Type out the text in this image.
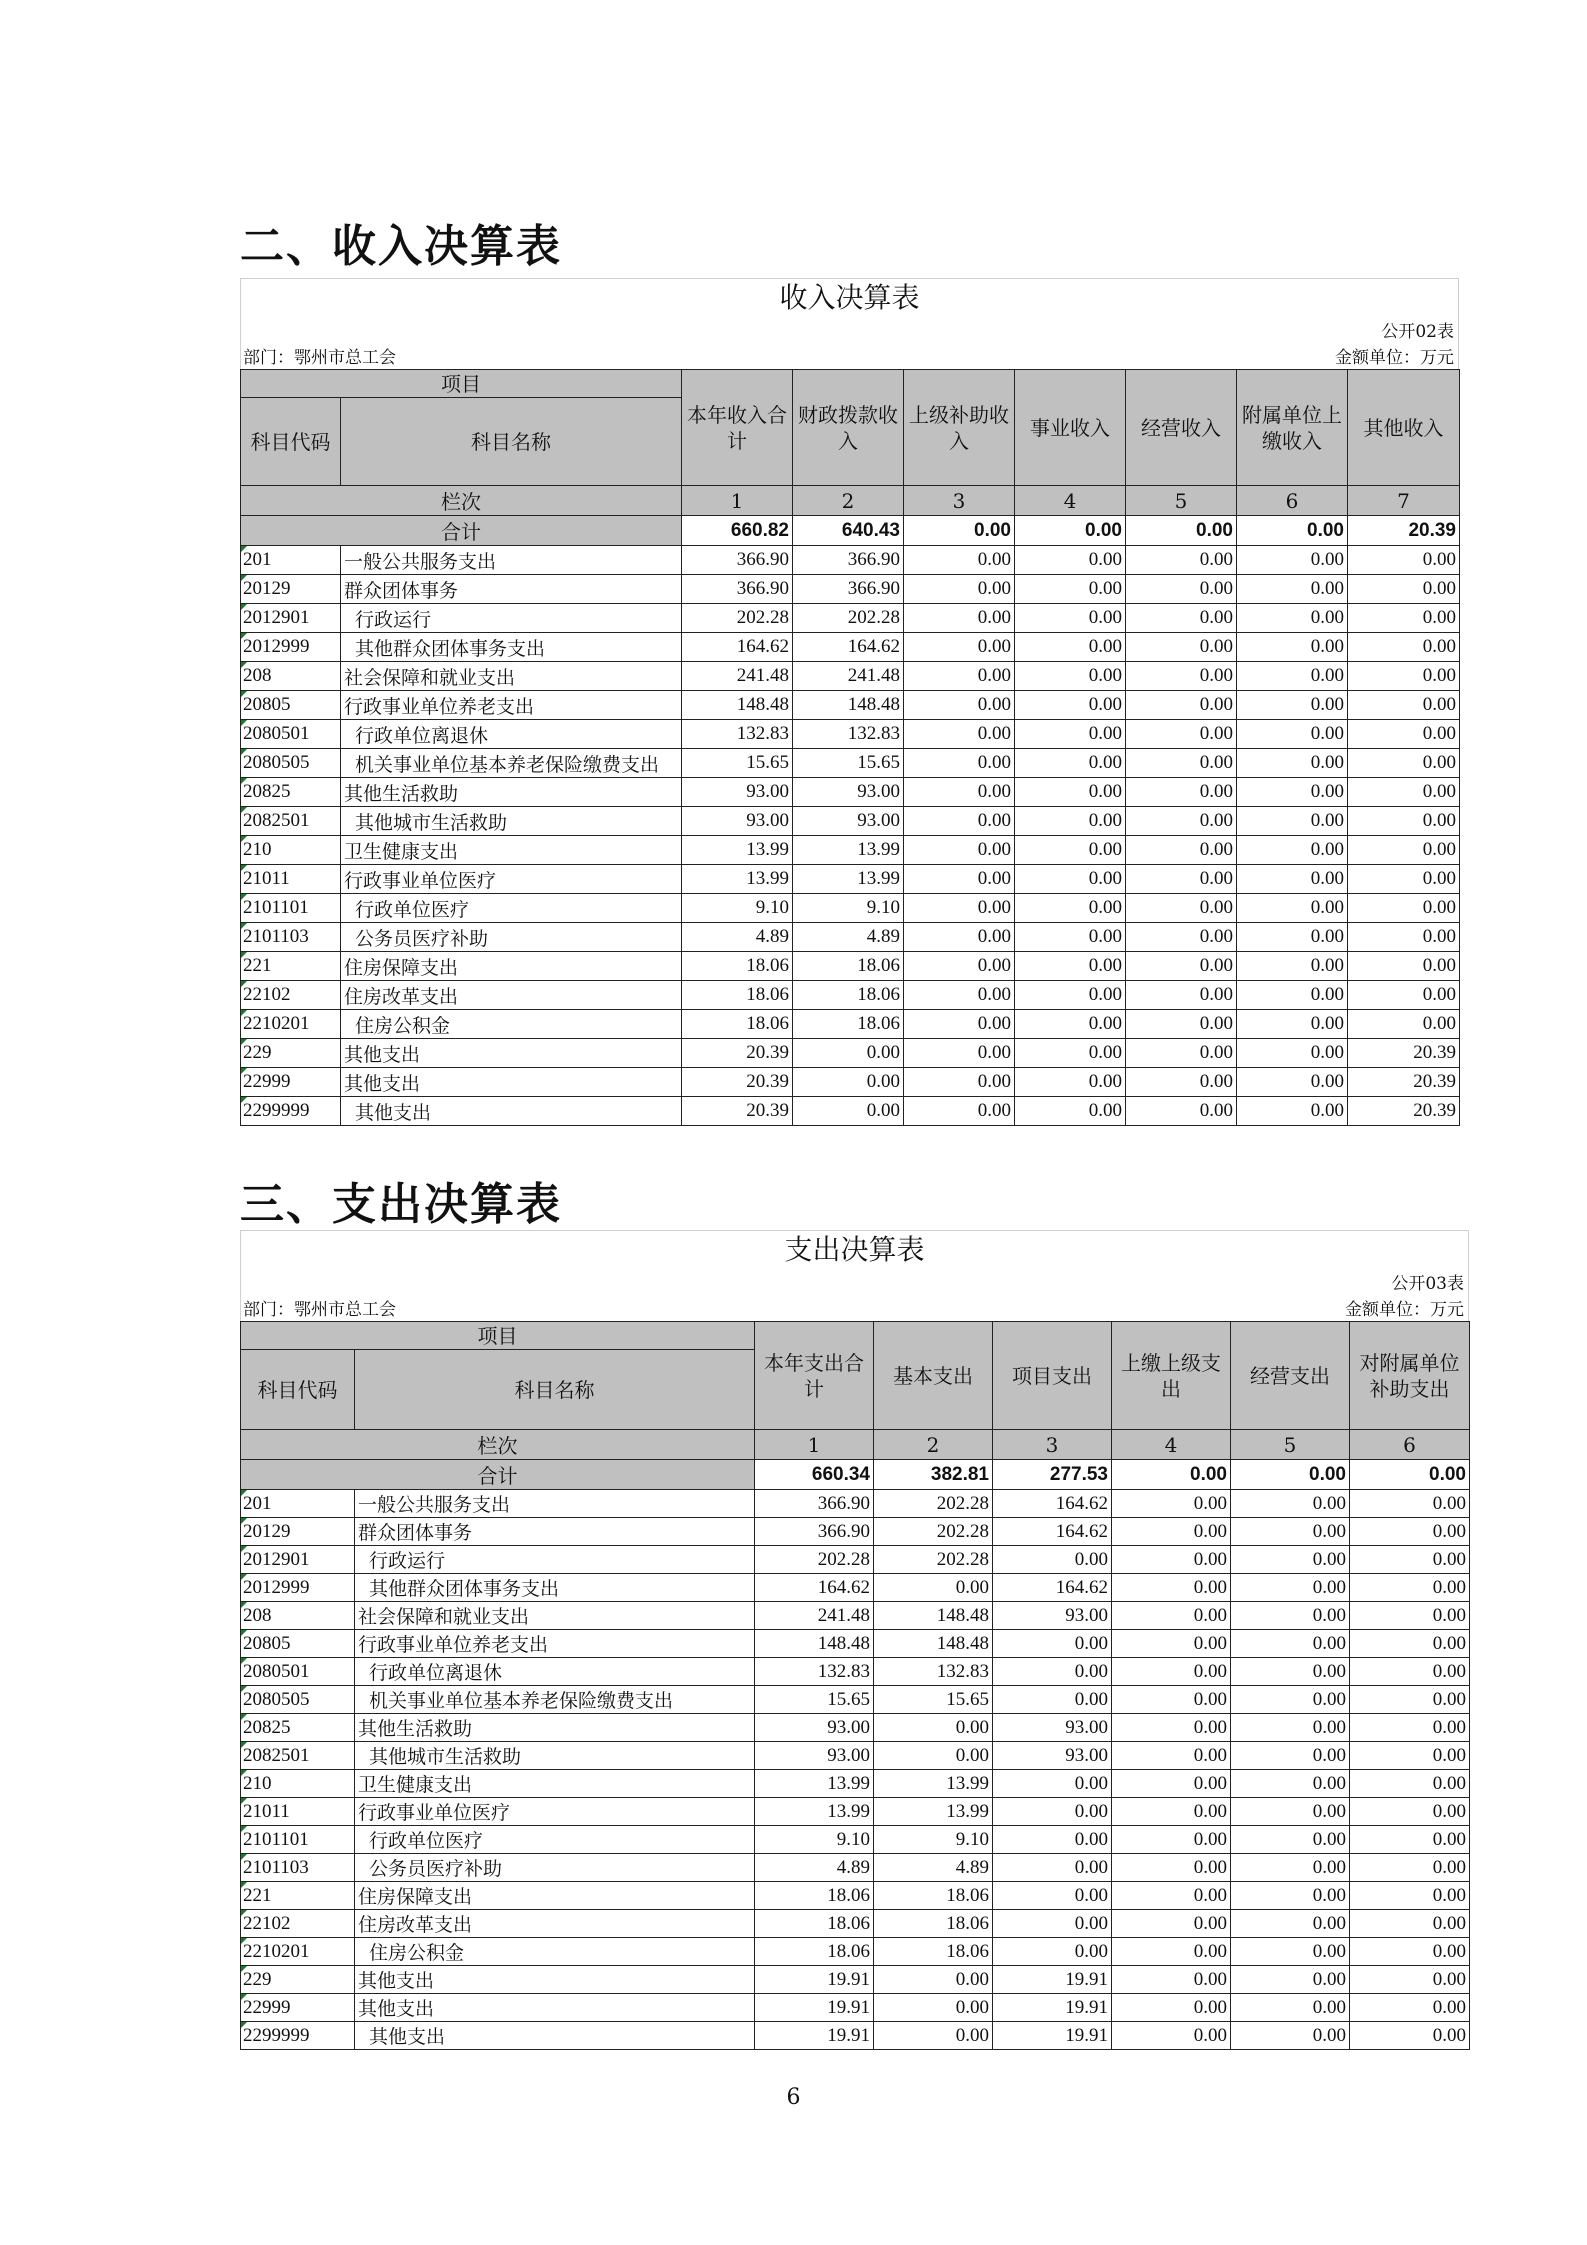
二、收入决算表
收入决算表
公开02表
部门：鄂州市总工会	金额单位：万元
项目		本年收入合计	财政拨款收入	上级补助收入	事业收入	经营收入	附属单位上缴收入	其他收入
科目代码	科目名称							
栏次		1	2	3	4	5	6	7
合计		660.82	640.43	0.00	0.00	0.00	0.00	20.39
201	一般公共服务支出	366.90	366.90	0.00	0.00	0.00	0.00	0.00
20129	群众团体事务	366.90	366.90	0.00	0.00	0.00	0.00	0.00
2012901	行政运行	202.28	202.28	0.00	0.00	0.00	0.00	0.00
2012999	其他群众团体事务支出	164.62	164.62	0.00	0.00	0.00	0.00	0.00
208	社会保障和就业支出	241.48	241.48	0.00	0.00	0.00	0.00	0.00
20805	行政事业单位养老支出	148.48	148.48	0.00	0.00	0.00	0.00	0.00
2080501	行政单位离退休	132.83	132.83	0.00	0.00	0.00	0.00	0.00
2080505	机关事业单位基本养老保险缴费支出	15.65	15.65	0.00	0.00	0.00	0.00	0.00
20825	其他生活救助	93.00	93.00	0.00	0.00	0.00	0.00	0.00
2082501	其他城市生活救助	93.00	93.00	0.00	0.00	0.00	0.00	0.00
210	卫生健康支出	13.99	13.99	0.00	0.00	0.00	0.00	0.00
21011	行政事业单位医疗	13.99	13.99	0.00	0.00	0.00	0.00	0.00
2101101	行政单位医疗	9.10	9.10	0.00	0.00	0.00	0.00	0.00
2101103	公务员医疗补助	4.89	4.89	0.00	0.00	0.00	0.00	0.00
221	住房保障支出	18.06	18.06	0.00	0.00	0.00	0.00	0.00
22102	住房改革支出	18.06	18.06	0.00	0.00	0.00	0.00	0.00
2210201	住房公积金	18.06	18.06	0.00	0.00	0.00	0.00	0.00
229	其他支出	20.39	0.00	0.00	0.00	0.00	0.00	20.39
22999	其他支出	20.39	0.00	0.00	0.00	0.00	0.00	20.39
2299999	其他支出	20.39	0.00	0.00	0.00	0.00	0.00	20.39
三、支出决算表
支出决算表
公开03表
部门：鄂州市总工会	金额单位：万元
项目		本年支出合计	基本支出	项目支出	上缴上级支出	经营支出	对附属单位补助支出
科目代码	科目名称						
栏次		1	2	3	4	5	6
合计		660.34	382.81	277.53	0.00	0.00	0.00
201	一般公共服务支出	366.90	202.28	164.62	0.00	0.00	0.00
20129	群众团体事务	366.90	202.28	164.62	0.00	0.00	0.00
2012901	行政运行	202.28	202.28	0.00	0.00	0.00	0.00
2012999	其他群众团体事务支出	164.62	0.00	164.62	0.00	0.00	0.00
208	社会保障和就业支出	241.48	148.48	93.00	0.00	0.00	0.00
20805	行政事业单位养老支出	148.48	148.48	0.00	0.00	0.00	0.00
2080501	行政单位离退休	132.83	132.83	0.00	0.00	0.00	0.00
2080505	机关事业单位基本养老保险缴费支出	15.65	15.65	0.00	0.00	0.00	0.00
20825	其他生活救助	93.00	0.00	93.00	0.00	0.00	0.00
2082501	其他城市生活救助	93.00	0.00	93.00	0.00	0.00	0.00
210	卫生健康支出	13.99	13.99	0.00	0.00	0.00	0.00
21011	行政事业单位医疗	13.99	13.99	0.00	0.00	0.00	0.00
2101101	行政单位医疗	9.10	9.10	0.00	0.00	0.00	0.00
2101103	公务员医疗补助	4.89	4.89	0.00	0.00	0.00	0.00
221	住房保障支出	18.06	18.06	0.00	0.00	0.00	0.00
22102	住房改革支出	18.06	18.06	0.00	0.00	0.00	0.00
2210201	住房公积金	18.06	18.06	0.00	0.00	0.00	0.00
229	其他支出	19.91	0.00	19.91	0.00	0.00	0.00
22999	其他支出	19.91	0.00	19.91	0.00	0.00	0.00
2299999	其他支出	19.91	0.00	19.91	0.00	0.00	0.00
6
